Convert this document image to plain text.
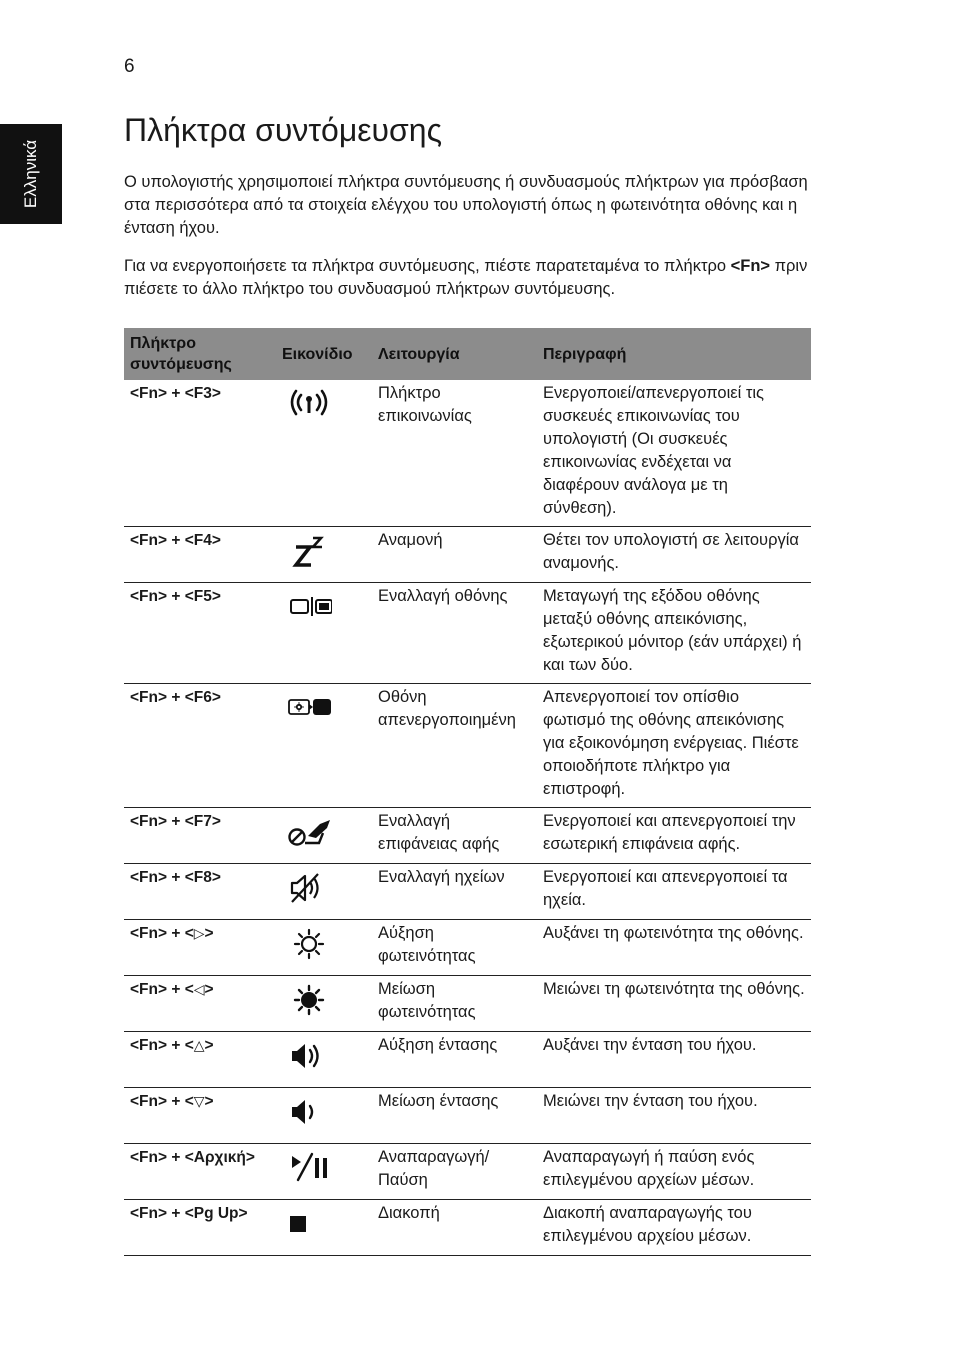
6
Ελληνικά
Πλήκτρα συντόμευσης

Ο υπολογιστής χρησιμοποιεί πλήκτρα συντόμευσης ή συνδυασμούς πλήκτρων για πρόσβαση στα περισσότερα από τα στοιχεία ελέγχου του υπολογιστή όπως η φωτεινότητα οθόνης και η ένταση ήχου.

Για να ενεργοποιήσετε τα πλήκτρα συντόμευσης, πιέστε παρατεταμένα το πλήκτρο <Fn> πριν πιέσετε το άλλο πλήκτρο του συνδυασμού πλήκτρων συντόμευσης.

Πλήκτρο συντόμευσης	Εικονίδιο	Λειτουργία	Περιγραφή
<Fn> + <F3>		Πλήκτρο επικοινωνίας	Ενεργοποιεί/απενεργοποιεί τις συσκευές επικοινωνίας του υπολογιστή (Οι συσκευές επικοινωνίας ενδέχεται να διαφέρουν ανάλογα με τη σύνθεση).
<Fn> + <F4>		Αναμονή	Θέτει τον υπολογιστή σε λειτουργία αναμονής.
<Fn> + <F5>		Εναλλαγή οθόνης	Μεταγωγή της εξόδου οθόνης μεταξύ οθόνης απεικόνισης, εξωτερικού μόνιτορ (εάν υπάρχει) ή και των δύο.
<Fn> + <F6>		Οθόνη απενεργοποιημένη	Απενεργοποιεί τον οπίσθιο φωτισμό της οθόνης απεικόνισης για εξοικονόμηση ενέργειας. Πιέστε οποιοδήποτε πλήκτρο για επιστροφή.
<Fn> + <F7>		Εναλλαγή επιφάνειας αφής	Ενεργοποιεί και απενεργοποιεί την εσωτερική επιφάνεια αφής.
<Fn> + <F8>		Εναλλαγή ηχείων	Ενεργοποιεί και απενεργοποιεί τα ηχεία.
<Fn> + <▷>		Αύξηση φωτεινότητας	Αυξάνει τη φωτεινότητα της οθόνης.
<Fn> + <◁>		Μείωση φωτεινότητας	Μειώνει τη φωτεινότητα της οθόνης.
<Fn> + <△>		Αύξηση έντασης	Αυξάνει την ένταση του ήχου.
<Fn> + <▽>		Μείωση έντασης	Μειώνει την ένταση του ήχου.
<Fn> + <Αρχική>		Αναπαραγωγή/ Παύση	Αναπαραγωγή ή παύση ενός επιλεγμένου αρχείων μέσων.
<Fn> + <Pg Up>		Διακοπή	Διακοπή αναπαραγωγής του επιλεγμένου αρχείου μέσων.
